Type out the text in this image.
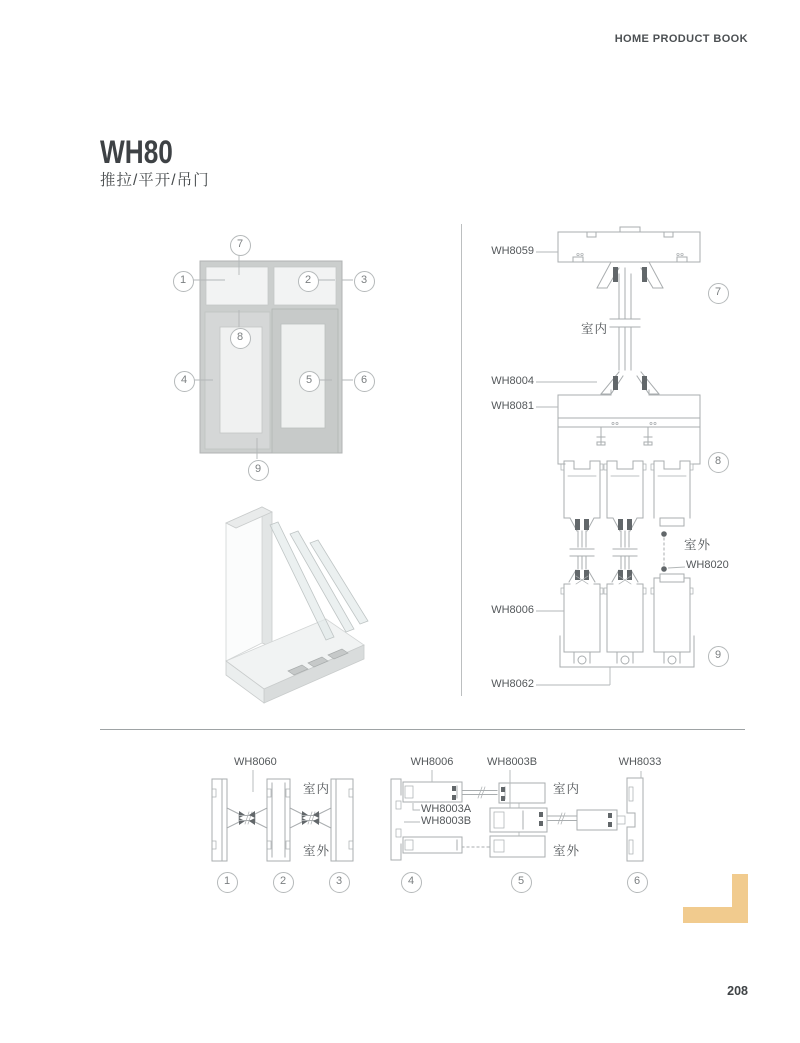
HOME PRODUCT BOOK
WH80
推拉/平开/吊门
7
1	2	3
8
4	5	6
9
WH8059
室内
WH8004
WH8081
室外
WH8020
WH8006
WH8062
7
8
9
WH8060	WH8006	WH8003B	WH8033
WH8003A
WH8003B
室内
室外
室内
室外
1	2	3	4	5	6
208
